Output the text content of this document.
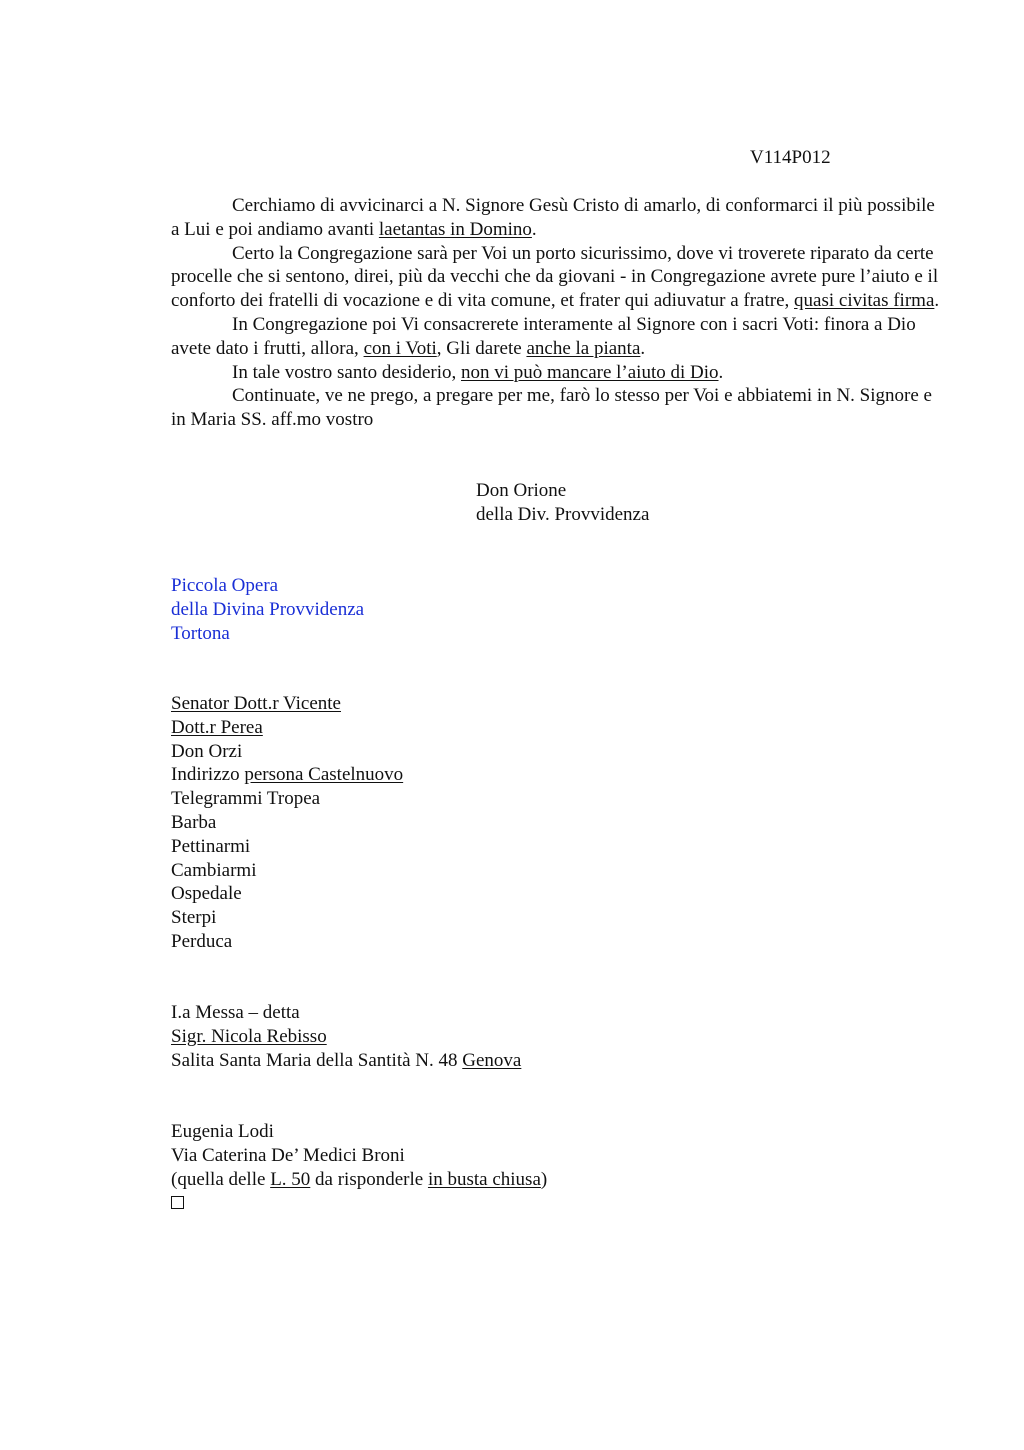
V114P012

Cerchiamo di avvicinarci a N. Signore Gesù Cristo di amarlo, di conformarci il più possibile a Lui e poi andiamo avanti laetantas in Domino.

Certo la Congregazione sarà per Voi un porto sicurissimo, dove vi troverete riparato da certe procelle che si sentono, direi, più da vecchi che da giovani - in Congregazione avrete pure l’aiuto e il conforto dei fratelli di vocazione e di vita comune, et frater qui adiuvatur a fratre, quasi civitas firma.

In Congregazione poi Vi consacrerete interamente al Signore con i sacri Voti: finora a Dio avete dato i frutti, allora, con i Voti, Gli darete anche la pianta.

In tale vostro santo desiderio, non vi può mancare l’aiuto di Dio.

Continuate, ve ne prego, a pregare per me, farò lo stesso per Voi e abbiatemi in N. Signore e in Maria SS. aff.mo vostro

Don Orione
della Div. Provvidenza
Piccola Opera
della Divina Provvidenza
Tortona
Senator Dott.r Vicente
Dott.r Perea
Don Orzi
Indirizzo persona Castelnuovo
Telegrammi Tropea
Barba
Pettinarmi
Cambiarmi
Ospedale
Sterpi
Perduca
I.a Messa – detta
Sigr. Nicola Rebisso
Salita Santa Maria della Santità N. 48 Genova
Eugenia Lodi
Via Caterina De’ Medici Broni
(quella delle L. 50 da risponderle in busta chiusa)
